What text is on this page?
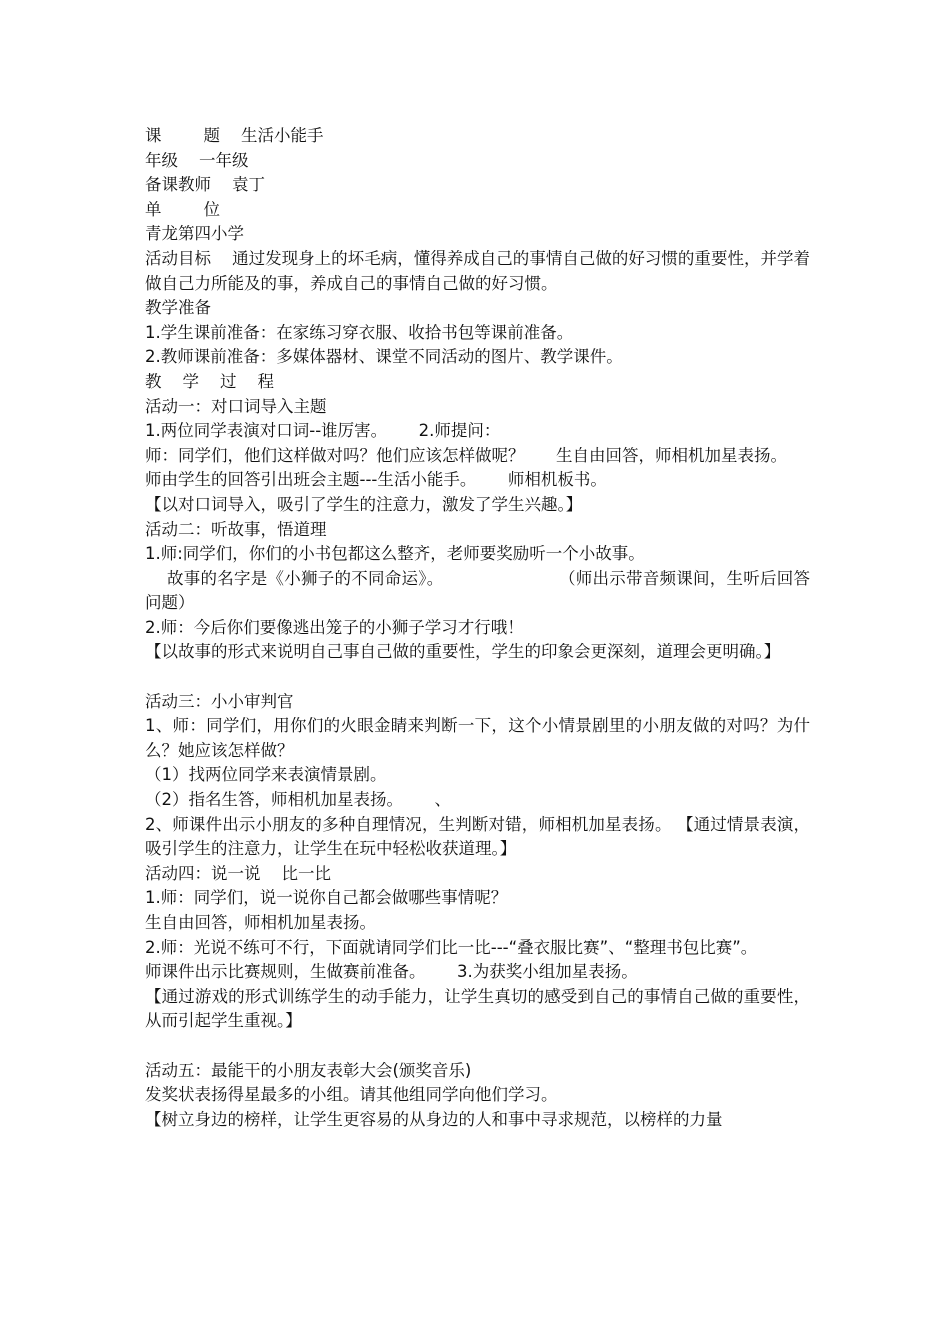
课        题 生活小能手
年级 一年级
备课教师 袁丁
单        位
青龙第四小学
活动目标 通过发现身上的坏毛病，懂得养成自己的事情自己做的好习惯的重要性，并学着做自己力所能及的事，养成自己的事情自己做的好习惯。
教学准备
1.学生课前准备：在家练习穿衣服、收拾书包等课前准备。
2.教师课前准备：多媒体器材、课堂不同活动的图片、教学课件。
教    学    过    程
活动一：对口词导入主题
1.两位同学表演对口词--谁厉害。      2.师提问：
师：同学们，他们这样做对吗？他们应该怎样做呢？      生自由回答，师相机加星表扬。
师由学生的回答引出班会主题---生活小能手。      师相机板书。
【以对口词导入，吸引了学生的注意力，激发了学生兴趣。】
活动二：听故事，悟道理
1.师:同学们，你们的小书包都这么整齐，老师要奖励听一个小故事。
故事的名字是《小狮子的不同命运》。                     （师出示带音频课间，生听后回答问题）
2.师：今后你们要像逃出笼子的小狮子学习才行哦！
【以故事的形式来说明自己事自己做的重要性，学生的印象会更深刻，道理会更明确。】
活动三：小小审判官
1、师：同学们，用你们的火眼金睛来判断一下，这个小情景剧里的小朋友做的对吗？为什么？她应该怎样做？
（1）找两位同学来表演情景剧。
（2）指名生答，师相机加星表扬。      、
2、师课件出示小朋友的多种自理情况，生判断对错，师相机加星表扬。 【通过情景表演，吸引学生的注意力，让学生在玩中轻松收获道理。】
活动四：说一说    比一比
1.师：同学们，说一说你自己都会做哪些事情呢？
生自由回答，师相机加星表扬。
2.师：光说不练可不行，下面就请同学们比一比---“叠衣服比赛”、“整理书包比赛”。
师课件出示比赛规则，生做赛前准备。      3.为获奖小组加星表扬。
【通过游戏的形式训练学生的动手能力，让学生真切的感受到自己的事情自己做的重要性，从而引起学生重视。】
活动五：最能干的小朋友表彰大会(颁奖音乐)
发奖状表扬得星最多的小组。请其他组同学向他们学习。
【树立身边的榜样，让学生更容易的从身边的人和事中寻求规范，以榜样的力量
